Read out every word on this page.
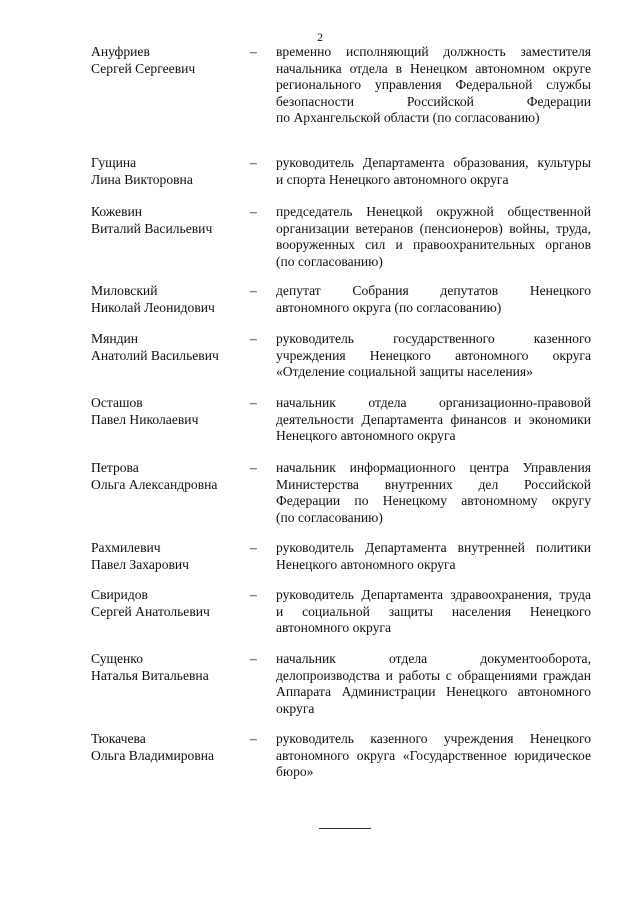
2
Ануфриев
Сергей Сергеевич
– временно исполняющий должность заместителя
начальника отдела в Ненецком автономном округе
регионального управления Федеральной службы
безопасности Российской Федерации
по Архангельской области (по согласованию)
Гущина
Лина Викторовна
– руководитель Департамента образования, культуры
и спорта Ненецкого автономного округа
Кожевин
Виталий Васильевич
– председатель Ненецкой окружной общественной
организации ветеранов (пенсионеров) войны, труда,
вооруженных сил и правоохранительных органов
(по согласованию)
Миловский
Николай Леонидович
– депутат Собрания депутатов Ненецкого
автономного округа (по согласованию)
Мяндин
Анатолий Васильевич
– руководитель государственного казенного
учреждения Ненецкого автономного округа
«Отделение социальной защиты населения»
Осташов
Павел Николаевич
– начальник отдела организационно-правовой
деятельности Департамента финансов и экономики
Ненецкого автономного округа
Петрова
Ольга Александровна
– начальник информационного центра Управления
Министерства внутренних дел Российской
Федерации по Ненецкому автономному округу
(по согласованию)
Рахмилевич
Павел Захарович
– руководитель Департамента внутренней политики
Ненецкого автономного округа
Свиридов
Сергей Анатольевич
– руководитель Департамента здравоохранения, труда
и социальной защиты населения Ненецкого
автономного округа
Сущенко
Наталья Витальевна
– начальник отдела документооборота,
делопроизводства и работы с обращениями граждан
Аппарата Администрации Ненецкого автономного
округа
Тюкачева
Ольга Владимировна
– руководитель казенного учреждения Ненецкого
автономного округа «Государственное юридическое
бюро»
